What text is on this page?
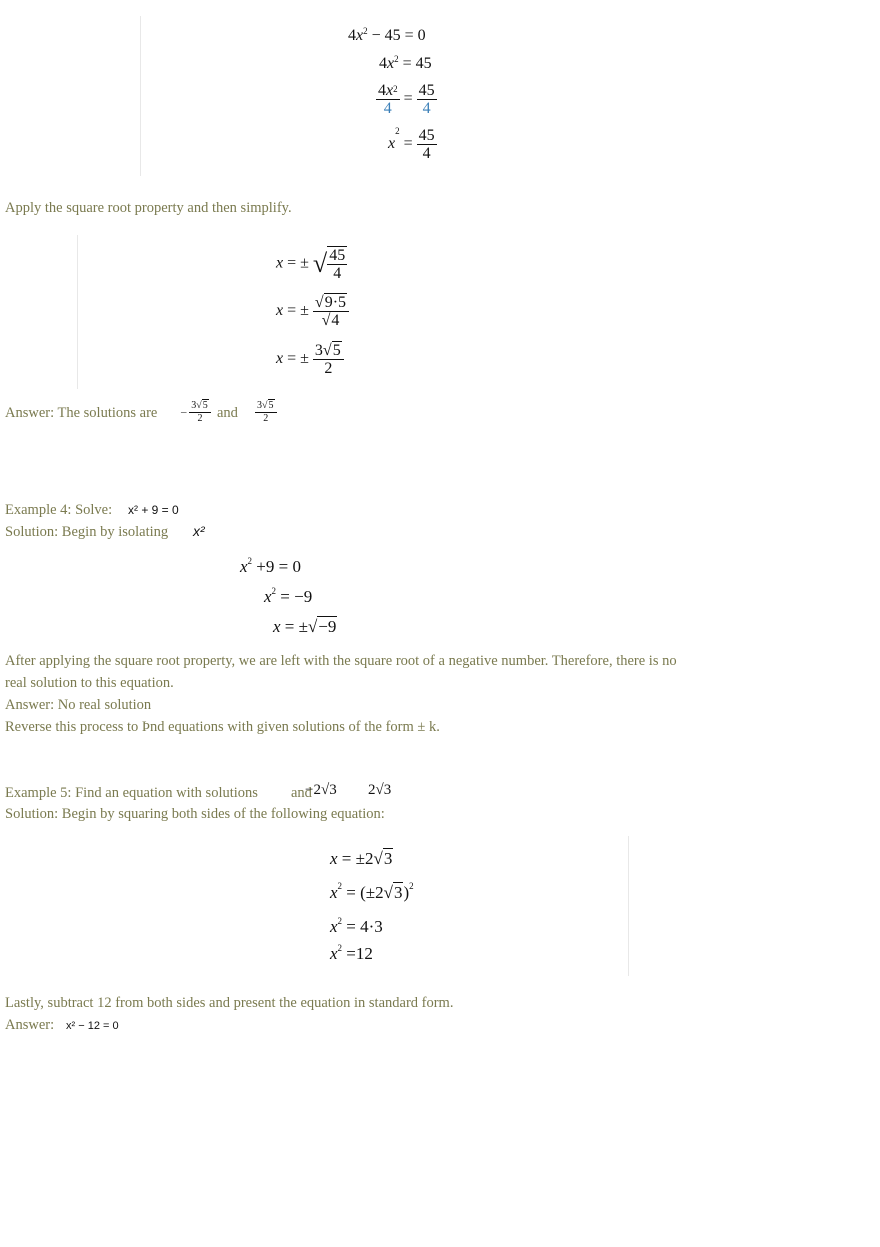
$4x^2 - 45 = 0$
$4x^2 = 45$
$\frac{4x^2}{4} = \frac{45}{4}$
$x^2 = \frac{45}{4}$
Apply the square root property and then simplify.
x = ± √ $\frac{45}{4}$
x = ± $\frac{√9\cdot 5}{√4}$
x = ± $\frac{3√5}{2}$
Answer: The solutions are – $\frac{3√5}{2}$ and $\frac{3√5}{2}$
Example 4: Solve: x² + 9 = 0
Solution: Begin by isolating x²
$x^2 +9 = 0$
$x^2 = -9$
x = ±√−9
After applying the square root property, we are left with the square root of a negative number. Therefore, there is no
real solution to this equation.
Answer: No real solution
Reverse this process to Þnd equations with given solutions of the form ± k.
Example 5: Find an equation with solutions and
−2√3 2√3
Solution: Begin by squaring both sides of the following equation:
x = ±2√3
$x^2 = (\pm 2√3)^2$
$x^2 = 4\cdot 3$
$x^2 =12$
Lastly, subtract 12 from both sides and present the equation in standard form.
Answer: x² − 12 = 0
